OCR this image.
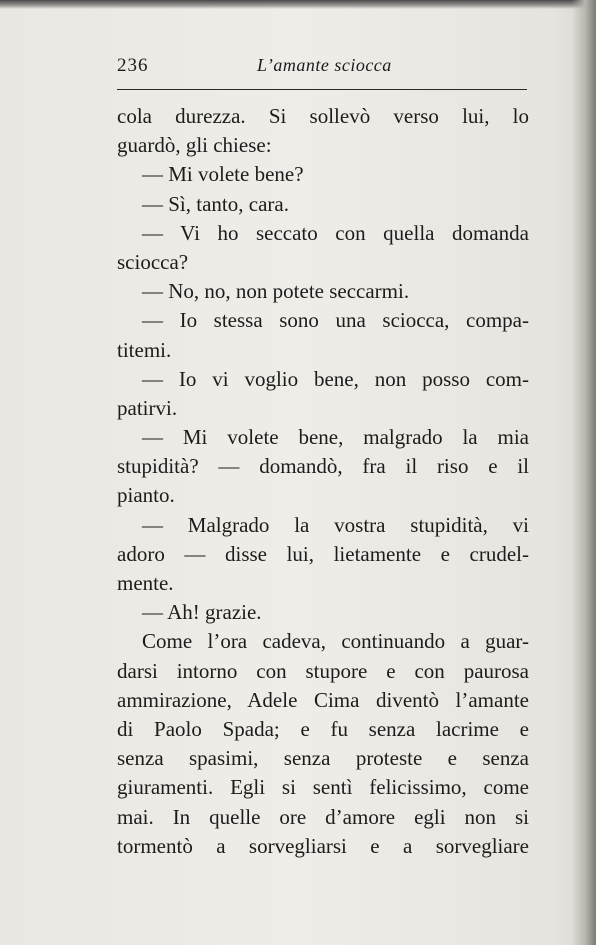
236	L’amante sciocca
cola durezza. Si sollevò verso lui, lo
guardò, gli chiese:
— Mi volete bene?
— Sì, tanto, cara.
— Vi ho seccato con quella domanda
sciocca?
— No, no, non potete seccarmi.
— Io stessa sono una sciocca, compa-
titemi.
— Io vi voglio bene, non posso com-
patirvi.
— Mi volete bene, malgrado la mia
stupidità? — domandò, fra il riso e il
pianto.
— Malgrado la vostra stupidità, vi
adoro — disse lui, lietamente e crudel-
mente.
— Ah! grazie.
Come l’ora cadeva, continuando a guar-
darsi intorno con stupore e con paurosa
ammirazione, Adele Cima diventò l’amante
di Paolo Spada; e fu senza lacrime e
senza spasimi, senza proteste e senza
giuramenti. Egli si sentì felicissimo, come
mai. In quelle ore d’amore egli non si
tormentò a sorvegliarsi e a sorvegliare
